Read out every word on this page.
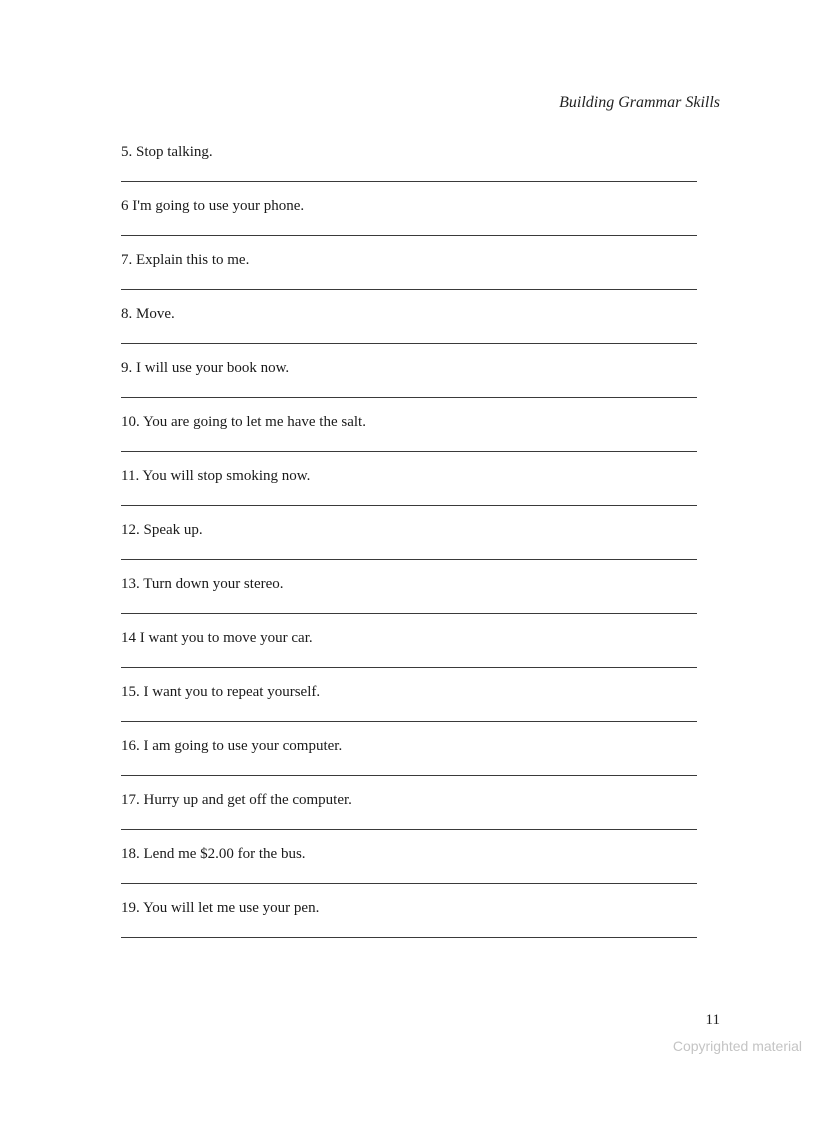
Building Grammar Skills
5. Stop talking.
6 I'm going to use your phone.
7. Explain this to me.
8. Move.
9. I will use your book now.
10. You are going to let me have the salt.
11. You will stop smoking now.
12. Speak up.
13. Turn down your stereo.
14 I want you to move your car.
15. I want you to repeat yourself.
16. I am going to use your computer.
17. Hurry up and get off the computer.
18. Lend me $2.00 for the bus.
19. You will let me use your pen.
11
Copyrighted material
